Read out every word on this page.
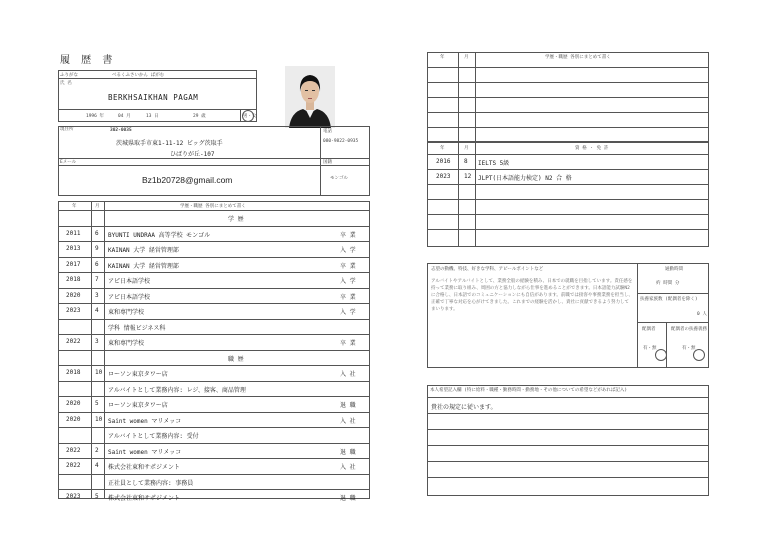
履 歴 書
ふりがな	べるくふさいかん ぱがむ
氏 名
BERKHSAIKHAN PAGAM
1996 年	04 月	13 日	29 歳	男・女
現住所	302-0035
茨城県取手市東1-11-12 ビッグ茨取手
ひばりが丘-107
電話
080-9822-0935
Eメール
Bz1b20728@gmail.com
国籍
モンゴル
年	月	学歴・職歴 各別にまとめて書く
学 歴
2011 6 BYUNTI UNDRAA 高等学校 モンゴル	卒 業
2013 9 KAINAN 大学 経営管理部	入 学
2017 6 KAINAN 大学 経営管理部	卒 業
2018 7 アピ日本語学校	入 学
2020 3 アピ日本語学校	卒 業
2023 4 東和専門学校	入 学
学科 情報ビジネス科
2022 3 東和専門学校	卒 業
職 歴
2018 10 ローソン東京タワー店	入 社
アルバイトとして業務内容: レジ、接客、商品管理
2020 5 ローソン東京タワー店	退 職
2020 10 Saint women マリメッコ	入 社
アルバイトとして業務内容: 受付
2022 2 Saint women マリメッコ	退 職
2022 4 株式会社東和サポジメント	入 社
正社員として業務内容: 事務員
2023 5 株式会社東和サポジメント	退 職
年	月	学歴・職歴 各別にまとめて書く
年	月	資 格 ・ 免 許
2016 8 IELTS 5級
2023 12 JLPT(日本語能力検定) N2 合 格
志望の動機、特技、好きな学科、アピールポイントなど
アルバイトやアルバイトとして、業務全般の経験を積み、日本での就職を目指しています。責任感を持って業務に取り組み、周囲の方と協力しながら仕事を進めることができます。日本語能力試験N2に合格し、日本語でのコミュニケーションにも自信があります。前職では接客や事務業務を担当し、正確で丁寧な対応を心がけてきました。これまでの経験を活かし、貴社に貢献できるよう努力してまいります。
通勤時間
約 時間 分
扶養家族数 (配偶者を除く)
0 人
配偶者
有・無
配偶者の扶養義務
有・無
本人希望記入欄 (特に給料・職種・勤務時間・勤務地・その他についての希望などがあれば記入)
貴社の規定に従います。
